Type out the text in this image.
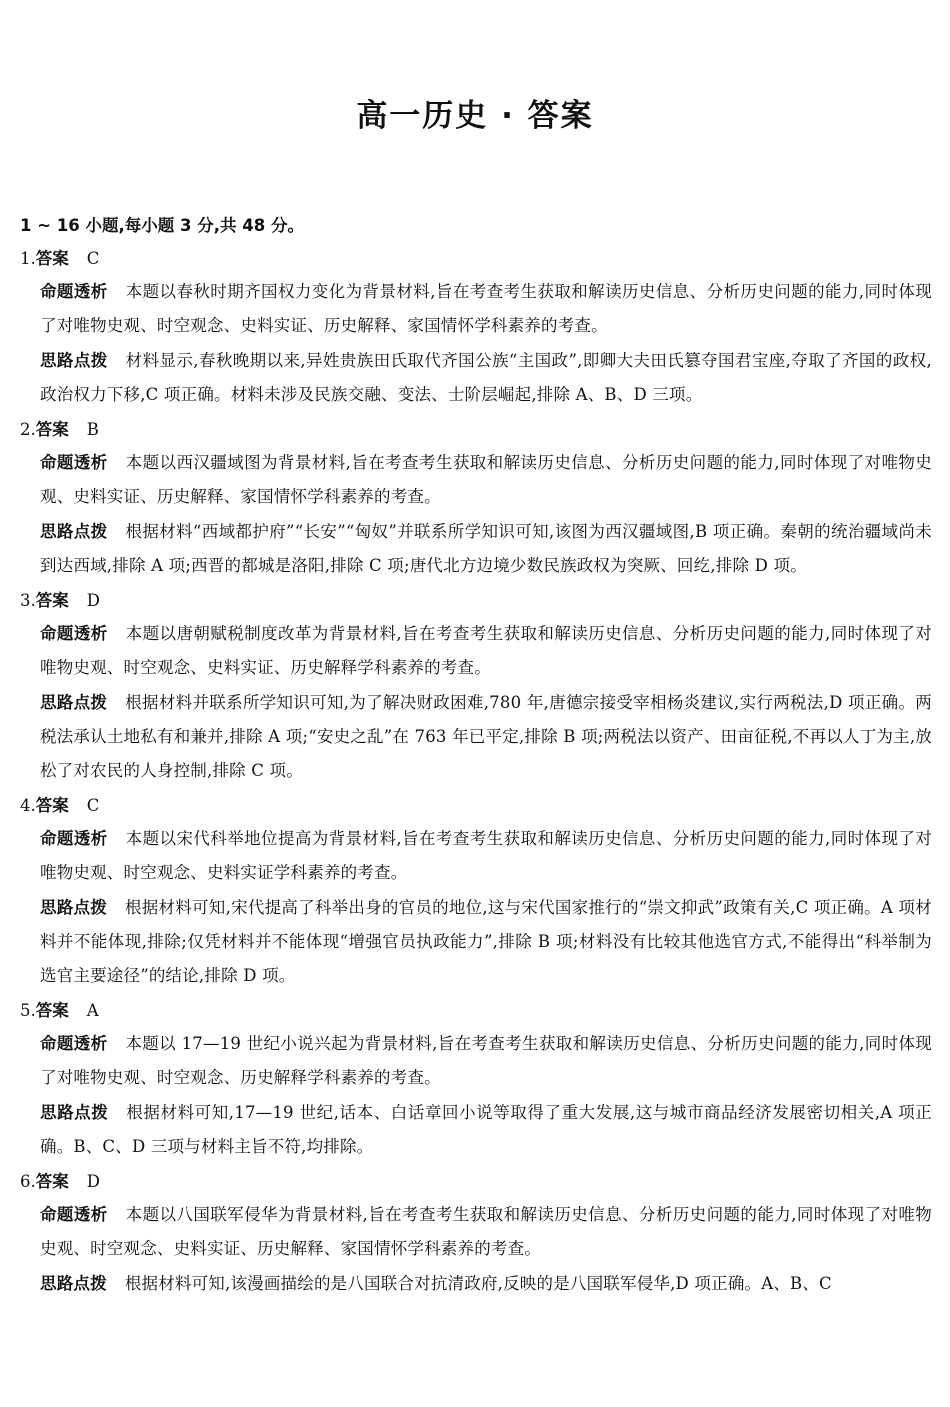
高一历史 · 答案
1 ~ 16 小题,每小题 3 分,共 48 分。
1.答案 C
命题透析 本题以春秋时期齐国权力变化为背景材料,旨在考查考生获取和解读历史信息、分析历史问题的能力,同时体现了对唯物史观、时空观念、史料实证、历史解释、家国情怀学科素养的考查。
思路点拨 材料显示,春秋晚期以来,异姓贵族田氏取代齐国公族“主国政”,即卿大夫田氏篡夺国君宝座,夺取了齐国的政权,政治权力下移,C 项正确。材料未涉及民族交融、变法、士阶层崛起,排除 A、B、D 三项。
2.答案 B
命题透析 本题以西汉疆域图为背景材料,旨在考查考生获取和解读历史信息、分析历史问题的能力,同时体现了对唯物史观、史料实证、历史解释、家国情怀学科素养的考查。
思路点拨 根据材料“西域都护府”“长安”“匈奴”并联系所学知识可知,该图为西汉疆域图,B 项正确。秦朝的统治疆域尚未到达西域,排除 A 项;西晋的都城是洛阳,排除 C 项;唐代北方边境少数民族政权为突厥、回纥,排除 D 项。
3.答案 D
命题透析 本题以唐朝赋税制度改革为背景材料,旨在考查考生获取和解读历史信息、分析历史问题的能力,同时体现了对唯物史观、时空观念、史料实证、历史解释学科素养的考查。
思路点拨 根据材料并联系所学知识可知,为了解决财政困难,780 年,唐德宗接受宰相杨炎建议,实行两税法,D 项正确。两税法承认土地私有和兼并,排除 A 项;“安史之乱”在 763 年已平定,排除 B 项;两税法以资产、田亩征税,不再以人丁为主,放松了对农民的人身控制,排除 C 项。
4.答案 C
命题透析 本题以宋代科举地位提高为背景材料,旨在考查考生获取和解读历史信息、分析历史问题的能力,同时体现了对唯物史观、时空观念、史料实证学科素养的考查。
思路点拨 根据材料可知,宋代提高了科举出身的官员的地位,这与宋代国家推行的“崇文抑武”政策有关,C 项正确。A 项材料并不能体现,排除;仅凭材料并不能体现“增强官员执政能力”,排除 B 项;材料没有比较其他选官方式,不能得出“科举制为选官主要途径”的结论,排除 D 项。
5.答案 A
命题透析 本题以 17—19 世纪小说兴起为背景材料,旨在考查考生获取和解读历史信息、分析历史问题的能力,同时体现了对唯物史观、时空观念、历史解释学科素养的考查。
思路点拨 根据材料可知,17—19 世纪,话本、白话章回小说等取得了重大发展,这与城市商品经济发展密切相关,A 项正确。B、C、D 三项与材料主旨不符,均排除。
6.答案 D
命题透析 本题以八国联军侵华为背景材料,旨在考查考生获取和解读历史信息、分析历史问题的能力,同时体现了对唯物史观、时空观念、史料实证、历史解释、家国情怀学科素养的考查。
思路点拨 根据材料可知,该漫画描绘的是八国联合对抗清政府,反映的是八国联军侵华,D 项正确。A、B、C
